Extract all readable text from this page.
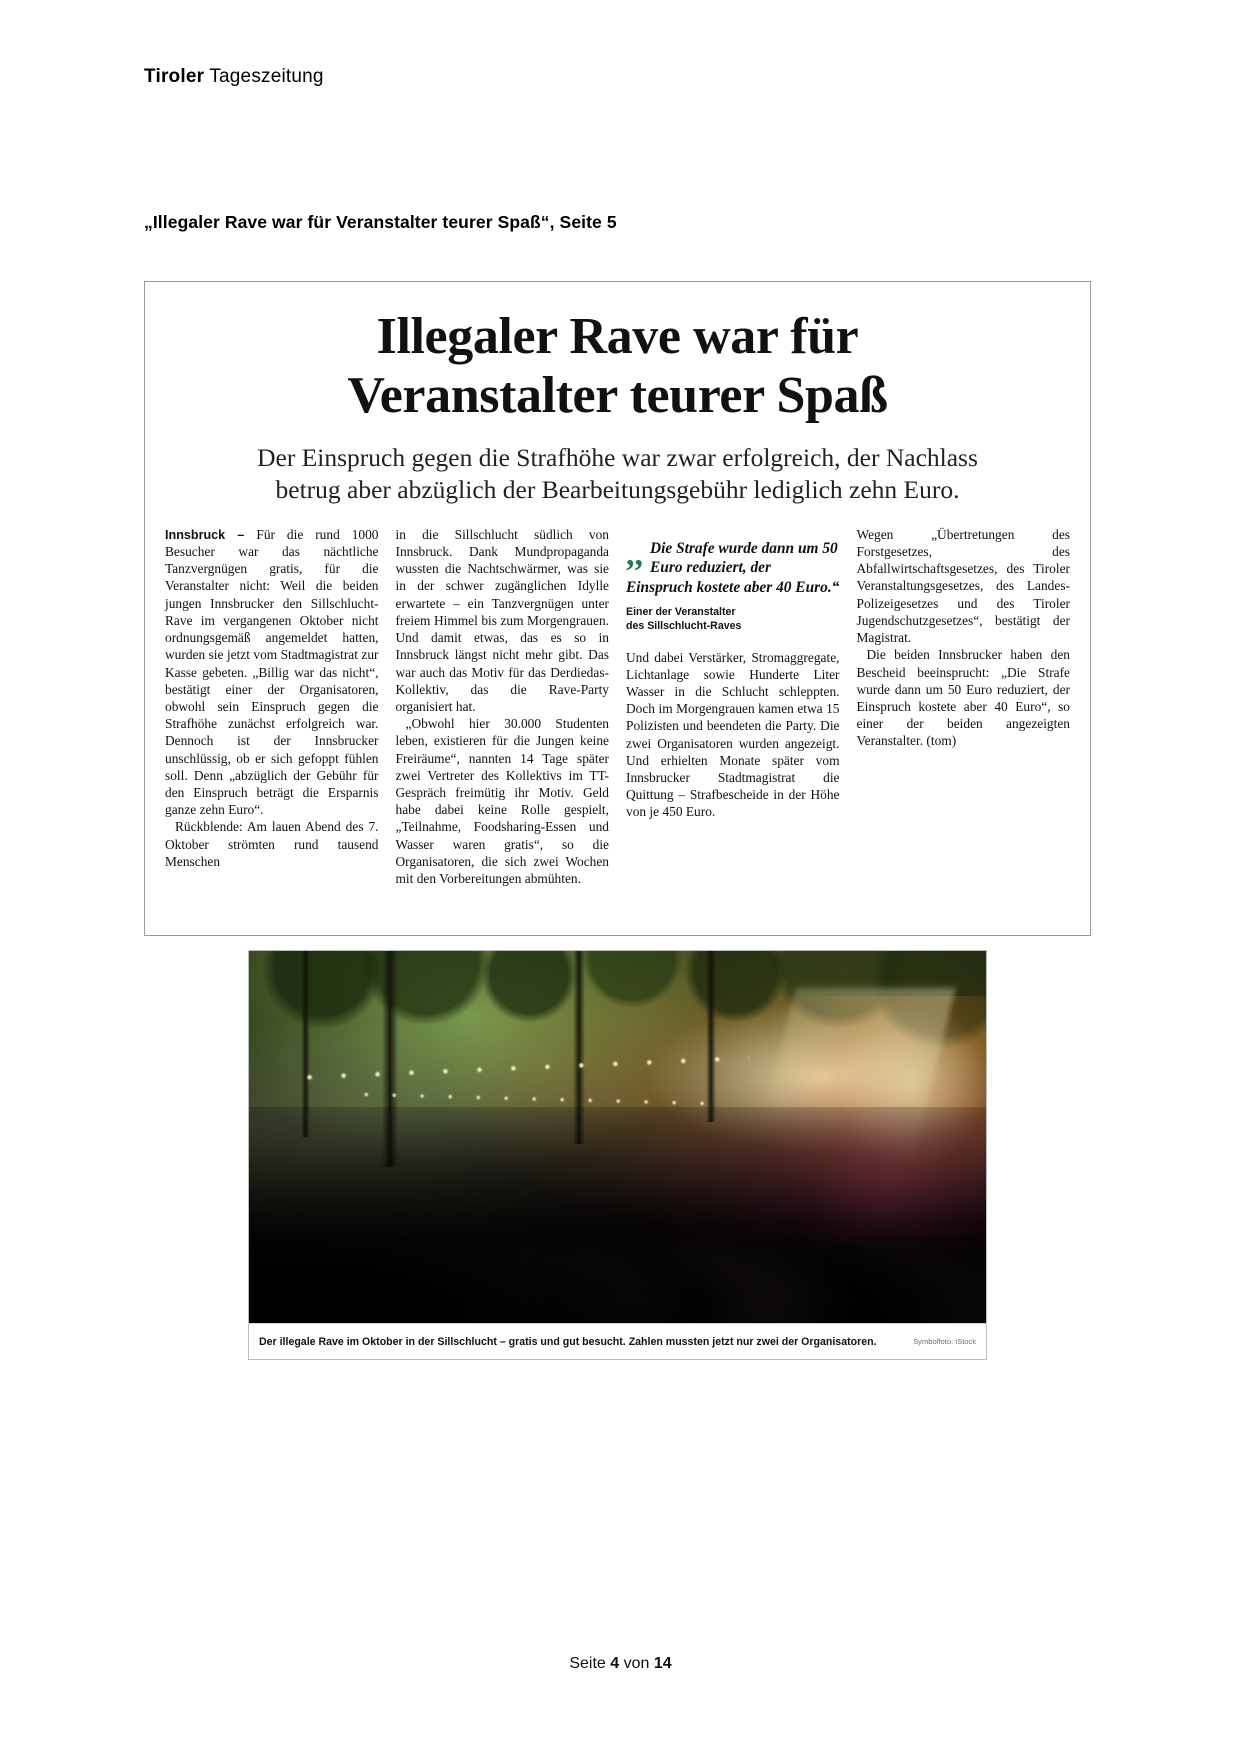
Tiroler Tageszeitung
„Illegaler Rave war für Veranstalter teurer Spaß“, Seite 5
Illegaler Rave war für
Veranstalter teurer Spaß
Der Einspruch gegen die Strafhöhe war zwar erfolgreich, der Nachlass
betrug aber abzüglich der Bearbeitungsgebühr lediglich zehn Euro.

Innsbruck – Für die rund 1000 Besucher war das nächtliche Tanzvergnügen gratis, für die Veranstalter nicht: Weil die beiden jungen Innsbrucker den Sillschlucht-Rave im vergangenen Oktober nicht ordnungsgemäß angemeldet hatten, wurden sie jetzt vom Stadtmagistrat zur Kasse gebeten. „Billig war das nicht“, bestätigt einer der Organisatoren, obwohl sein Einspruch gegen die Strafhöhe zunächst erfolgreich war. Dennoch ist der Innsbrucker unschlüssig, ob er sich gefoppt fühlen soll. Denn „abzüglich der Gebühr für den Einspruch beträgt die Ersparnis ganze zehn Euro“.

Rückblende: Am lauen Abend des 7. Oktober strömten rund tausend Menschen

in die Sillschlucht südlich von Innsbruck. Dank Mundpropaganda wussten die Nachtschwärmer, was sie in der schwer zugänglichen Idylle erwartete – ein Tanzvergnügen unter freiem Himmel bis zum Morgengrauen. Und damit etwas, das es so in Innsbruck längst nicht mehr gibt. Das war auch das Motiv für das Derdiedas-Kollektiv, das die Rave-Party organisiert hat.

„Obwohl hier 30.000 Studenten leben, existieren für die Jungen keine Freiräume“, nannten 14 Tage später zwei Vertreter des Kollektivs im TT-Gespräch freimütig ihr Motiv. Geld habe dabei keine Rolle gespielt, „Teilnahme, Foodsharing-Essen und Wasser waren gratis“, so die Organisatoren, die sich zwei Wochen mit den Vorbereitungen abmühten.

,, Die Strafe wurde dann um 50 Euro reduziert, der Einspruch kostete aber 40 Euro.“
Einer der Veranstalter
des Sillschlucht-Raves

Und dabei Verstärker, Stromaggregate, Lichtanlage sowie Hunderte Liter Wasser in die Schlucht schleppten. Doch im Morgengrauen kamen etwa 15 Polizisten und beendeten die Party. Die zwei Organisatoren wurden angezeigt. Und erhielten Monate später vom Innsbrucker Stadtmagistrat die Quittung – Strafbescheide in der Höhe von je 450 Euro.

Wegen „Übertretungen des Forstgesetzes, des Abfallwirtschaftsgesetzes, des Tiroler Veranstaltungsgesetzes, des Landes-Polizeigesetzes und des Tiroler Jugendschutzgesetzes“, bestätigt der Magistrat.

Die beiden Innsbrucker haben den Bescheid beeinsprucht: „Die Strafe wurde dann um 50 Euro reduziert, der Einspruch kostete aber 40 Euro“, so einer der beiden angezeigten Veranstalter. (tom)

Der illegale Rave im Oktober in der Sillschlucht – gratis und gut besucht. Zahlen mussten jetzt nur zwei der Organisatoren.	Symbolfoto: iStock
Seite 4 von 14
